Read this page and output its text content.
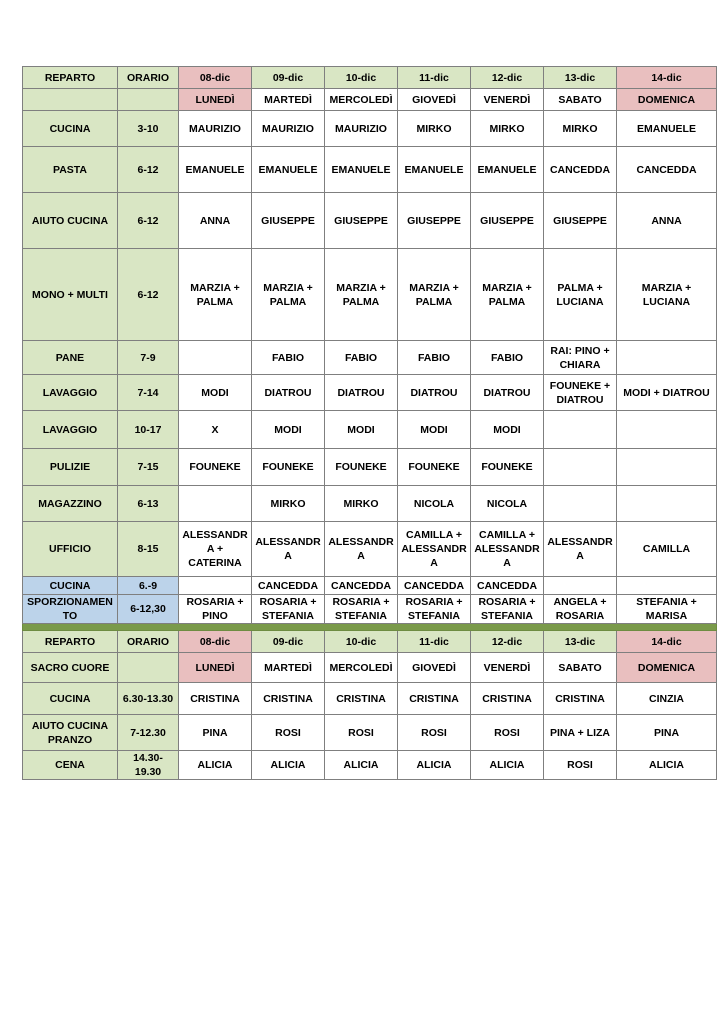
REPARTO	ORARIO	08-dic	09-dic	10-dic	11-dic	12-dic	13-dic	14-dic
		LUNEDÌ	MARTEDÌ	MERCOLEDÌ	GIOVEDÌ	VENERDÌ	SABATO	DOMENICA
CUCINA	3-10	MAURIZIO	MAURIZIO	MAURIZIO	MIRKO	MIRKO	MIRKO	EMANUELE
PASTA	6-12	EMANUELE	EMANUELE	EMANUELE	EMANUELE	EMANUELE	CANCEDDA	CANCEDDA
AIUTO CUCINA	6-12	ANNA	GIUSEPPE	GIUSEPPE	GIUSEPPE	GIUSEPPE	GIUSEPPE	ANNA
MONO + MULTI	6-12	MARZIA + PALMA	MARZIA + PALMA	MARZIA + PALMA	MARZIA + PALMA	MARZIA + PALMA	PALMA + LUCIANA	MARZIA + LUCIANA
PANE	7-9		FABIO	FABIO	FABIO	FABIO	RAI: PINO + CHIARA	
LAVAGGIO	7-14	MODI	DIATROU	DIATROU	DIATROU	DIATROU	FOUNEKE + DIATROU	MODI + DIATROU
LAVAGGIO	10-17	X	MODI	MODI	MODI	MODI		
PULIZIE	7-15	FOUNEKE	FOUNEKE	FOUNEKE	FOUNEKE	FOUNEKE		
MAGAZZINO	6-13		MIRKO	MIRKO	NICOLA	NICOLA		
UFFICIO	8-15	ALESSANDRA + CATERINA	ALESSANDRA	ALESSANDRA	CAMILLA + ALESSANDRA	CAMILLA + ALESSANDRA	ALESSANDRA	CAMILLA
CUCINA	6.-9		CANCEDDA	CANCEDDA	CANCEDDA	CANCEDDA		
SPORZIONAMENTO	6-12,30	ROSARIA + PINO	ROSARIA + STEFANIA	ROSARIA + STEFANIA	ROSARIA + STEFANIA	ROSARIA + STEFANIA	ANGELA + ROSARIA	STEFANIA + MARISA

REPARTO	ORARIO	08-dic	09-dic	10-dic	11-dic	12-dic	13-dic	14-dic
SACRO CUORE		LUNEDÌ	MARTEDÌ	MERCOLEDÌ	GIOVEDÌ	VENERDÌ	SABATO	DOMENICA
CUCINA	6.30-13.30	CRISTINA	CRISTINA	CRISTINA	CRISTINA	CRISTINA	CRISTINA	CINZIA
AIUTO CUCINA PRANZO	7-12.30	PINA	ROSI	ROSI	ROSI	ROSI	PINA + LIZA	PINA
CENA	14.30-19.30	ALICIA	ALICIA	ALICIA	ALICIA	ALICIA	ROSI	ALICIA
